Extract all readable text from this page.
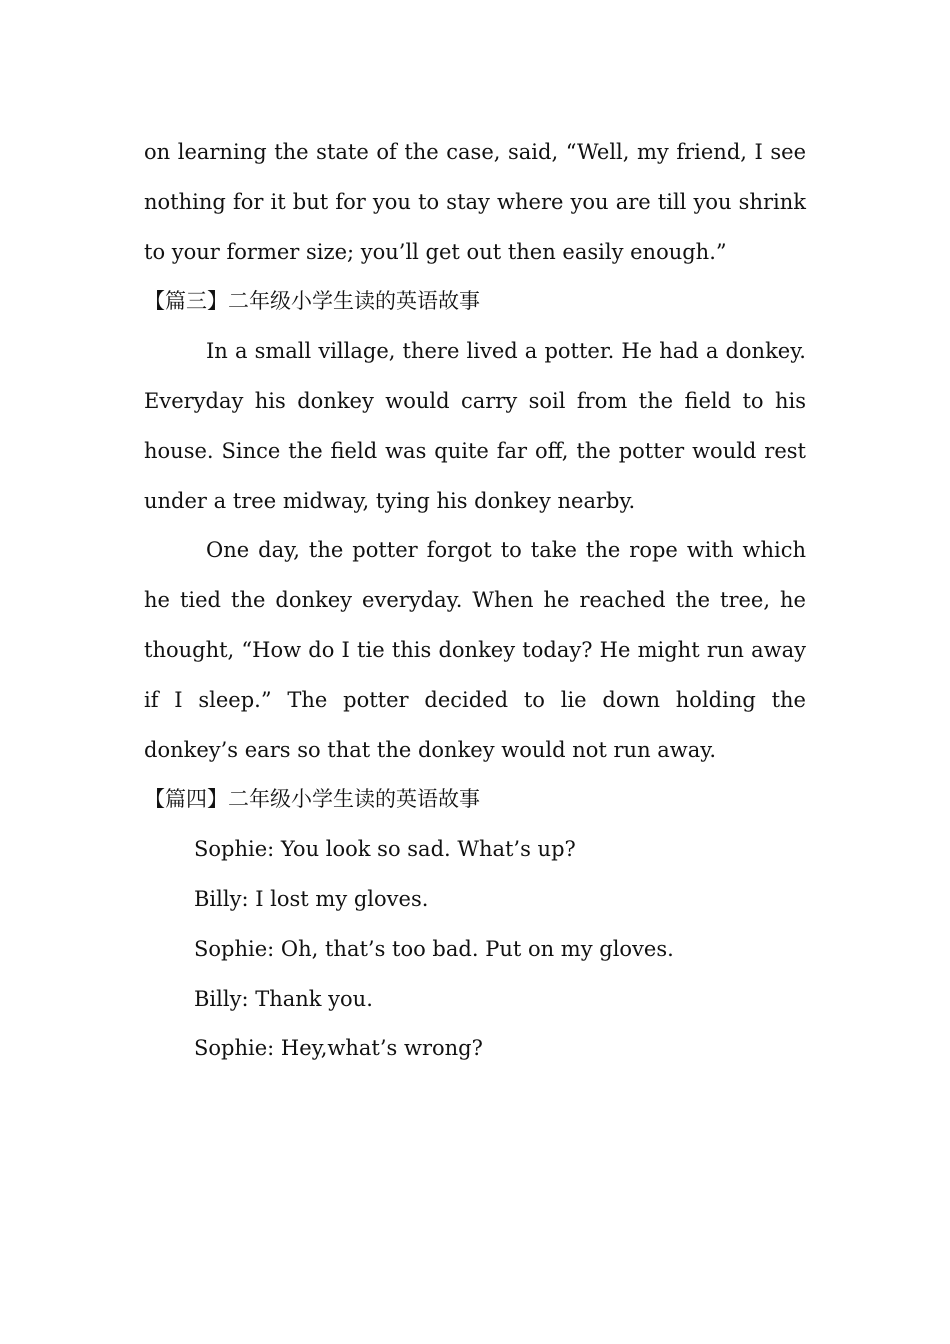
on learning the state of the case, said, “Well, my friend, I see nothing for it but for you to stay where you are till you shrink to your former size; you’ll get out then easily enough.”

【篇三】二年级小学生读的英语故事

In a small village, there lived a potter. He had a donkey. Everyday his donkey would carry soil from the field to his house. Since the field was quite far off, the potter would rest under a tree midway, tying his donkey nearby.

One day, the potter forgot to take the rope with which he tied the donkey everyday. When he reached the tree, he thought, “How do I tie this donkey today? He might run away if I sleep.” The potter decided to lie down holding the donkey’s ears so that the donkey would not run away.

【篇四】二年级小学生读的英语故事

Sophie: You look so sad. What’s up?

Billy: I lost my gloves.

Sophie: Oh, that’s too bad. Put on my gloves.

Billy: Thank you.

Sophie: Hey,what’s wrong?
